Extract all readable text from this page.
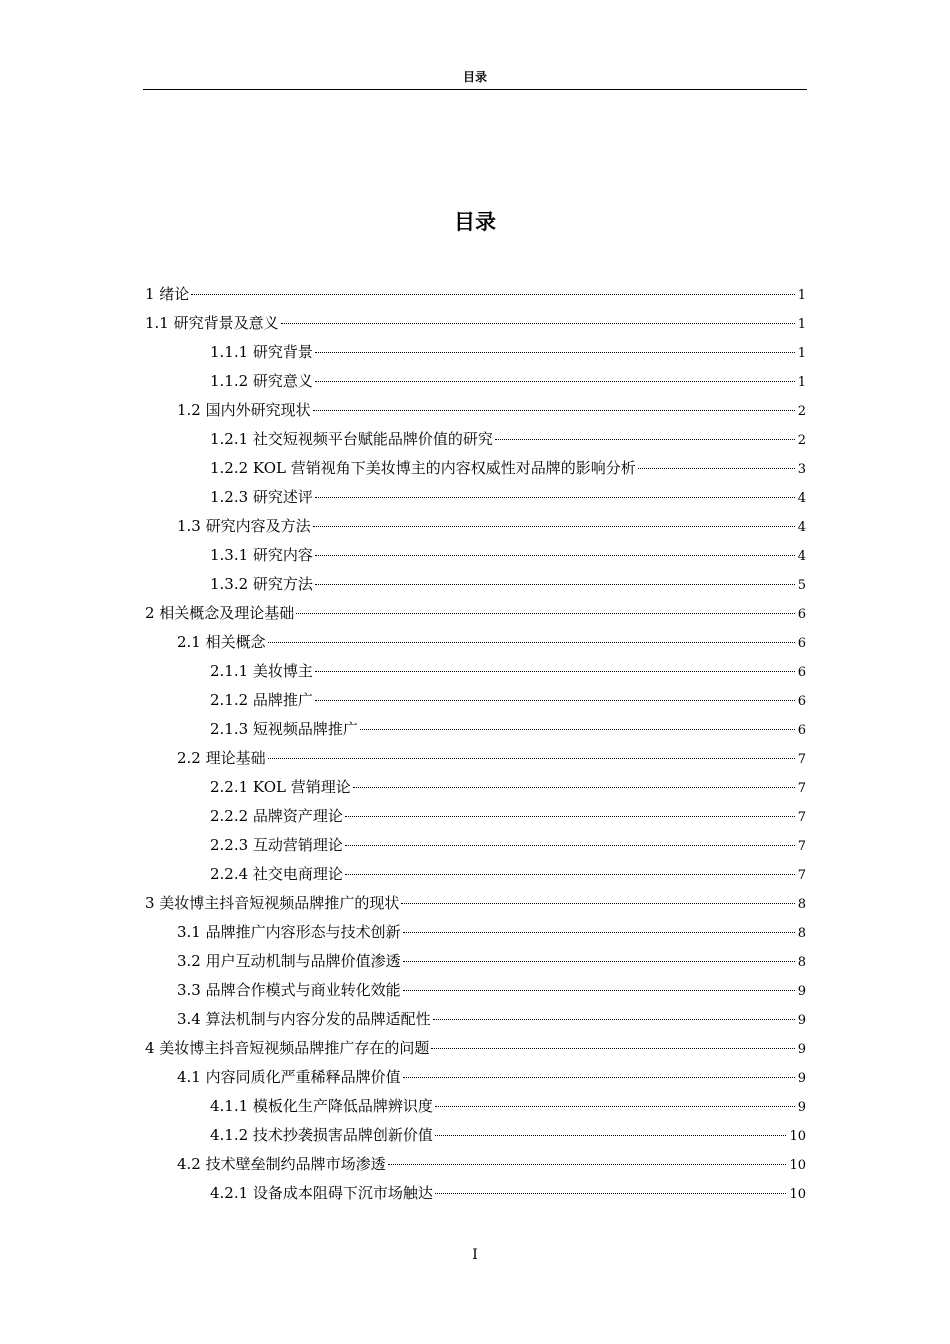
目录
目录
1 绪论	1
1.1 研究背景及意义	1
1.1.1 研究背景	1
1.1.2 研究意义	1
1.2 国内外研究现状	2
1.2.1 社交短视频平台赋能品牌价值的研究	2
1.2.2 KOL 营销视角下美妆博主的内容权威性对品牌的影响分析	3
1.2.3 研究述评	4
1.3 研究内容及方法	4
1.3.1 研究内容	4
1.3.2 研究方法	5
2 相关概念及理论基础	6
2.1 相关概念	6
2.1.1 美妆博主	6
2.1.2 品牌推广	6
2.1.3 短视频品牌推广	6
2.2 理论基础	7
2.2.1 KOL 营销理论	7
2.2.2 品牌资产理论	7
2.2.3 互动营销理论	7
2.2.4 社交电商理论	7
3 美妆博主抖音短视频品牌推广的现状	8
3.1 品牌推广内容形态与技术创新	8
3.2 用户互动机制与品牌价值渗透	8
3.3 品牌合作模式与商业转化效能	9
3.4 算法机制与内容分发的品牌适配性	9
4 美妆博主抖音短视频品牌推广存在的问题	9
4.1 内容同质化严重稀释品牌价值	9
4.1.1 模板化生产降低品牌辨识度	9
4.1.2 技术抄袭损害品牌创新价值	10
4.2 技术壁垒制约品牌市场渗透	10
4.2.1 设备成本阻碍下沉市场触达	10
I
